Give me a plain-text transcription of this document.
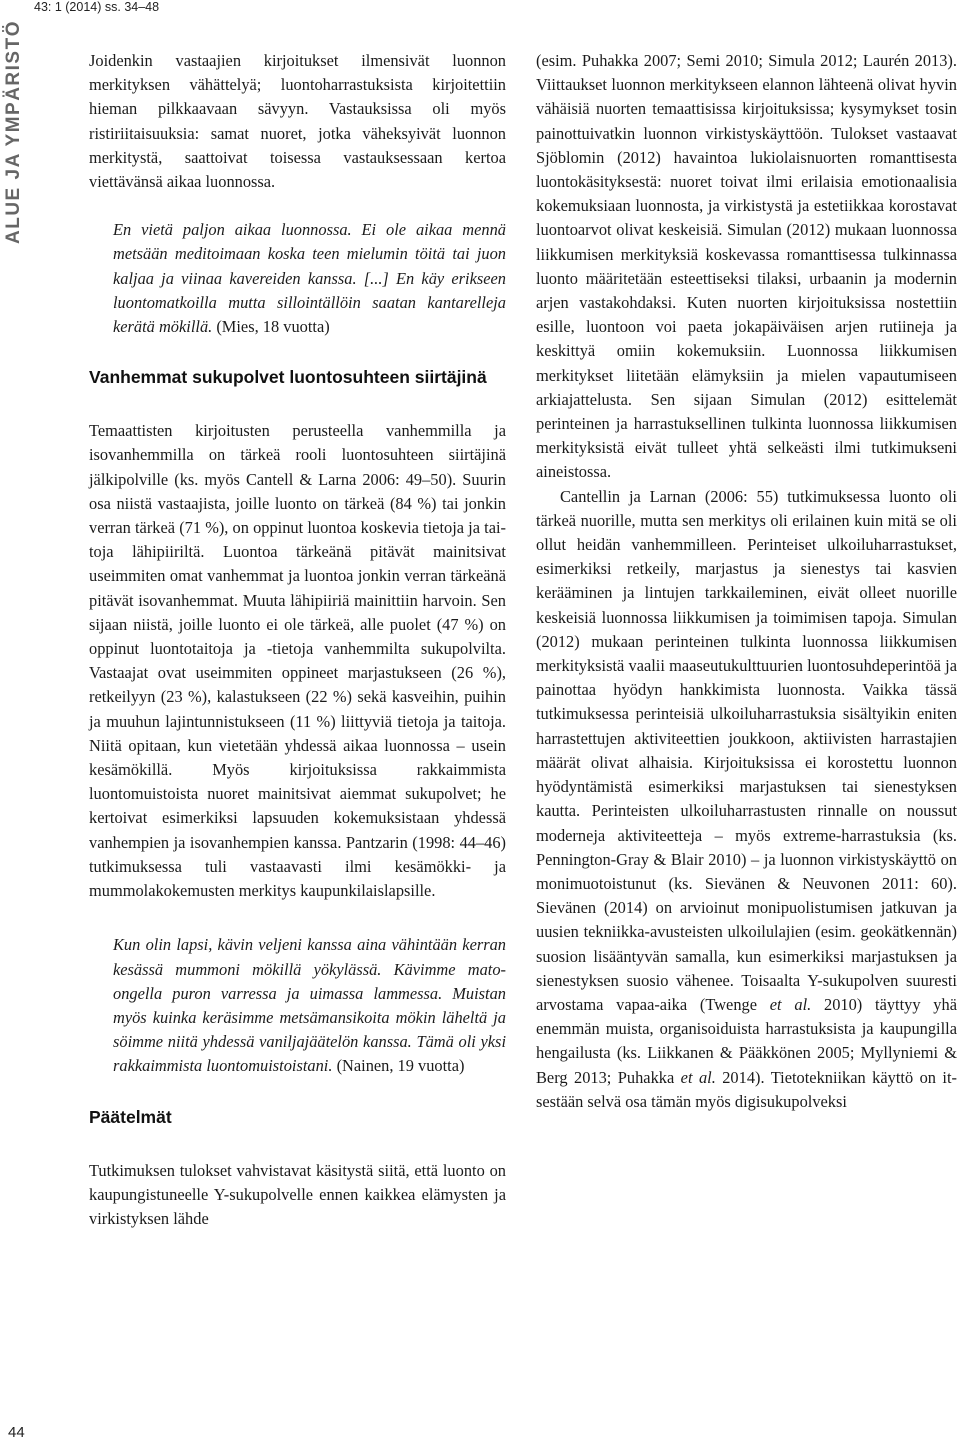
43: 1 (2014) ss. 34–48
ALUE JA YMPÄRISTÖ	Joidenkin vastaajien kirjoitukset ilmensivät luonnon merkityksen vähättelyä; luontoharrastuksista kirjoitettiin hieman pilkkaavaan sävyyn. Vastauksissa oli myös ristiriitaisuuksia: samat nuoret, jotka väheksyivät luonnon merkitystä, saattoivat toisessa vastauksessaan kertoa viettävänsä aikaa luonnossa.

En vietä paljon aikaa luonnossa. Ei ole aikaa mennä metsään meditoimaan koska teen mielumin töitä tai juon kaljaa ja viinaa kavereiden kanssa. [...] En käy erikseen luontomatkoilla mutta sillointällöin saatan kantarelleja kerätä mökillä. (Mies, 18 vuotta)

Vanhemmat sukupolvet luontosuhteen siirtäjinä

Temaattisten kirjoitusten perusteella vanhemmilla ja isovanhemmilla on tärkeä rooli luontosuhteen siirtäjinä jälkipolville (ks. myös Cantell & Larna 2006: 49–50). Suurin osa niistä vastaajista, joille luonto on tärkeä (84 %) tai jonkin verran tärkeä (71 %), on oppinut luontoa koskevia tietoja ja taitoja lähipiiriltä. Luontoa tärkeänä pitävät mainitsivat useimmiten omat vanhemmat ja luontoa jonkin verran tärkeänä pitävät isovanhemmat. Muuta lähipiiriä mainittiin harvoin. Sen sijaan niistä, joille luonto ei ole tärkeä, alle puolet (47 %) on oppinut luontotaitoja ja -tietoja vanhemmilta sukupolvilta. Vastaajat ovat useimmiten oppineet marjastukseen (26 %), retkeilyyn (23 %), kalastukseen (22 %) sekä kasveihin, puihin ja muuhun lajintunnistukseen (11 %) liittyviä tietoja ja taitoja. Niitä opitaan, kun vietetään yhdessä aikaa luonnossa – usein kesämökillä. Myös kirjoituksissa rakkaimmista luontomuistoista nuoret mainitsivat aiemmat sukupolvet; he kertoivat esimerkiksi lapsuuden kokemuksistaan yhdessä vanhempien ja isovanhempien kanssa. Pantzarin (1998: 44–46) tutkimuksessa tuli vastaavasti ilmi kesämökki- ja mummolakokemusten merkitys kaupunkilaislapsille.

Kun olin lapsi, kävin veljeni kanssa aina vähintään kerran kesässä mummoni mökillä yökylässä. Kävimme mato-ongella puron varressa ja uimassa lammessa. Muistan myös kuinka keräsimme metsämansikoita mökin läheltä ja söimme niitä yhdessä vaniljajäätelön kanssa. Tämä oli yksi rakkaimmista luontomuistoistani. (Nainen, 19 vuotta)

Päätelmät

Tutkimuksen tulokset vahvistavat käsitystä siitä, että luonto on kaupungistuneelle Y-sukupolvelle ennen kaikkea elämysten ja virkistyksen lähde

(esim. Puhakka 2007; Semi 2010; Simula 2012; Laurén 2013). Viittaukset luonnon merkitykseen elannon lähteenä olivat hyvin vähäisiä nuorten temaattisissa kirjoituksissa; kysymykset tosin painottuivatkin luonnon virkistyskäyttöön. Tulokset vastaavat Sjöblomin (2012) havaintoa lukiolaisnuorten romanttisesta luontokäsityksestä: nuoret toivat ilmi erilaisia emotionaalisia kokemuksiaan luonnosta, ja virkistystä ja estetiikkaa korostavat luontoarvot olivat keskeisiä. Simulan (2012) mukaan luonnossa liikkumisen merkityksiä koskevassa romanttisessa tulkinnassa luonto määritetään esteettiseksi tilaksi, urbaanin ja modernin arjen vastakohdaksi. Kuten nuorten kirjoituksissa nostettiin esille, luontoon voi paeta jokapäiväisen arjen rutiineja ja keskittyä omiin kokemuksiin. Luonnossa liikkumisen merkitykset liitetään elämyksiin ja mielen vapautumiseen arkiajattelusta. Sen sijaan Simulan (2012) esittelemät perinteinen ja harrastuksellinen tulkinta luonnossa liikkumisen merkityksistä eivät tulleet yhtä selkeästi ilmi tutkimukseni aineistossa.

Cantellin ja Larnan (2006: 55) tutkimuksessa luonto oli tärkeä nuorille, mutta sen merkitys oli erilainen kuin mitä se oli ollut heidän vanhemmilleen. Perinteiset ulkoiluharrastukset, esimerkiksi retkeily, marjastus ja sienestys tai kasvien kerääminen ja lintujen tarkkaileminen, eivät olleet nuorille keskeisiä luonnossa liikkumisen ja toimimisen tapoja. Simulan (2012) mukaan perinteinen tulkinta luonnossa liikkumisen merkityksistä vaalii maaseutukulttuurien luontosuhdeperintöä ja painottaa hyödyn hankkimista luonnosta. Vaikka tässä tutkimuksessa perinteisiä ulkoiluharrastuksia sisältyikin eniten harrastettujen aktiviteettien joukkoon, aktiivisten harrastajien määrät olivat alhaisia. Kirjoituksissa ei korostettu luonnon hyödyntämistä esimerkiksi marjastuksen tai sienestyksen kautta. Perinteisten ulkoiluharrastusten rinnalle on noussut moderneja aktiviteetteja – myös extreme-harrastuksia (ks. Pennington-Gray & Blair 2010) – ja luonnon virkistyskäyttö on monimuotoistunut (ks. Sievänen & Neuvonen 2011: 60). Sievänen (2014) on arvioinut monipuolistumisen jatkuvan ja uusien tekniikka-avusteisten ulkoilulajien (esim. geokätkennän) suosion lisääntyvän samalla, kun esimerkiksi marjastuksen ja sienestyksen suosio vähenee. Toisaalta Y-sukupolven suuresti arvostama vapaa-aika (Twenge et al. 2010) täyttyy yhä enemmän muista, organisoiduista harrastuksista ja kaupungilla hengailusta (ks. Liikkanen & Pääkkönen 2005; Myllyniemi & Berg 2013; Puhakka et al. 2014). Tietotekniikan käyttö on itsestään selvä osa tämän myös digisukupolveksi

44
